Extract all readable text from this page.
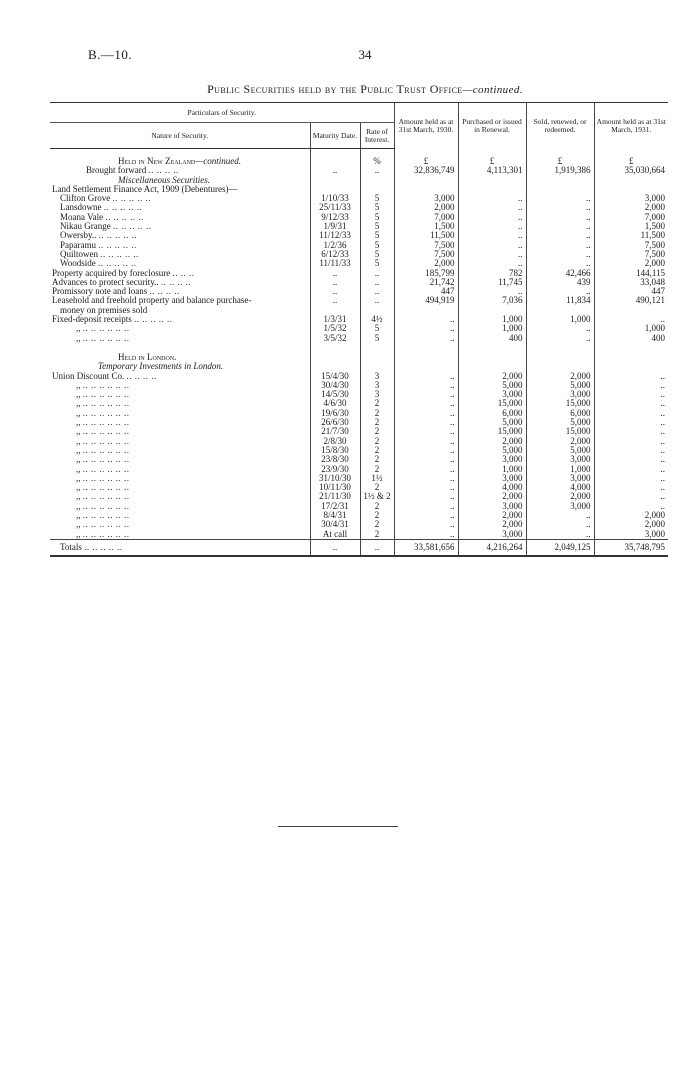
B.—10.	34
Public Securities held by the Public Trust Office—continued.
Particulars of Security.			Amount held as at 31st March, 1930.	Purchased or issued in Renewal.	Sold, renewed, or redeemed.	Amount held as at 31st March, 1931.
Nature of Security.	Maturity Date.	Rate of Interest.				
Held in New Zealand—continued.		%	£	£	£	£
Brought forward .. .. .. ..	..	..	32,836,749	4,113,301	1,919,386	35,030,664
Miscellaneous Securities.						
Land Settlement Finance Act, 1909 (Debentures)—						
Clifton Grove .. .. .. .. ..	1/10/33	5	3,000	..	..	3,000
Lansdowne .. .. .. .. ..	25/11/33	5	2,000	..	..	2,000
Moana Vale .. .. .. .. ..	9/12/33	5	7,000	..	..	7,000
Nikau Grange .. .. .. .. ..	1/9/31	5	1,500	..	..	1,500
Owersby.. .. .. .. .. ..	11/12/33	5	11,500	..	..	11,500
Paparamu .. .. .. .. ..	1/2/36	5	7,500	..	..	7,500
Quiltowen .. .. .. .. ..	6/12/33	5	7,500	..	..	7,500
Woodside .. .. .. .. ..	11/11/33	5	2,000	..	..	2,000
Property acquired by foreclosure .. .. ..	..	..	185,799	782	42,466	144,115
Advances to protect security.. .. .. .. ..	..	..	21,742	11,745	439	33,048
Promissory note and loans .. .. .. ..	..	..	447	..	..	447
Leasehold and freehold property and balance purchase-	..	..	494,919	7,036	11,834	490,121
money on premises sold						
Fixed-deposit receipts .. .. .. .. ..	1/3/31	4½	..	1,000	1,000	..
,, .. .. .. .. .. ..	1/5/32	5	..	1,000	..	1,000
,, .. .. .. .. .. ..	3/5/32	5	..	400	..	400

Held in London.						
Temporary Investments in London.						
Union Discount Co. .. .. .. ..	15/4/30	3	..	2,000	2,000	..
,, .. .. .. .. .. ..	30/4/30	3	..	5,000	5,000	..
,, .. .. .. .. .. ..	14/5/30	3	..	3,000	3,000	..
,, .. .. .. .. .. ..	4/6/30	2	..	15,000	15,000	..
,, .. .. .. .. .. ..	19/6/30	2	..	6,000	6,000	..
,, .. .. .. .. .. ..	26/6/30	2	..	5,000	5,000	..
,, .. .. .. .. .. ..	21/7/30	2	..	15,000	15,000	..
,, .. .. .. .. .. ..	2/8/30	2	..	2,000	2,000	..
,, .. .. .. .. .. ..	15/8/30	2	..	5,000	5,000	..
,, .. .. .. .. .. ..	23/8/30	2	..	3,000	3,000	..
,, .. .. .. .. .. ..	23/9/30	2	..	1,000	1,000	..
,, .. .. .. .. .. ..	31/10/30	1½	..	3,000	3,000	..
,, .. .. .. .. .. ..	10/11/30	2	..	4,000	4,000	..
,, .. .. .. .. .. ..	21/11/30	1½ & 2	..	2,000	2,000	..
,, .. .. .. .. .. ..	17/2/31	2	..	3,000	3,000	..
,, .. .. .. .. .. ..	8/4/31	2	..	2,000	..	2,000
,, .. .. .. .. .. ..	30/4/31	2	..	2,000	..	2,000
,, .. .. .. .. .. ..	At call	2	..	3,000	..	3,000
Totals .. .. .. .. ..	..	..	33,581,656	4,216,264	2,049,125	35,748,795
